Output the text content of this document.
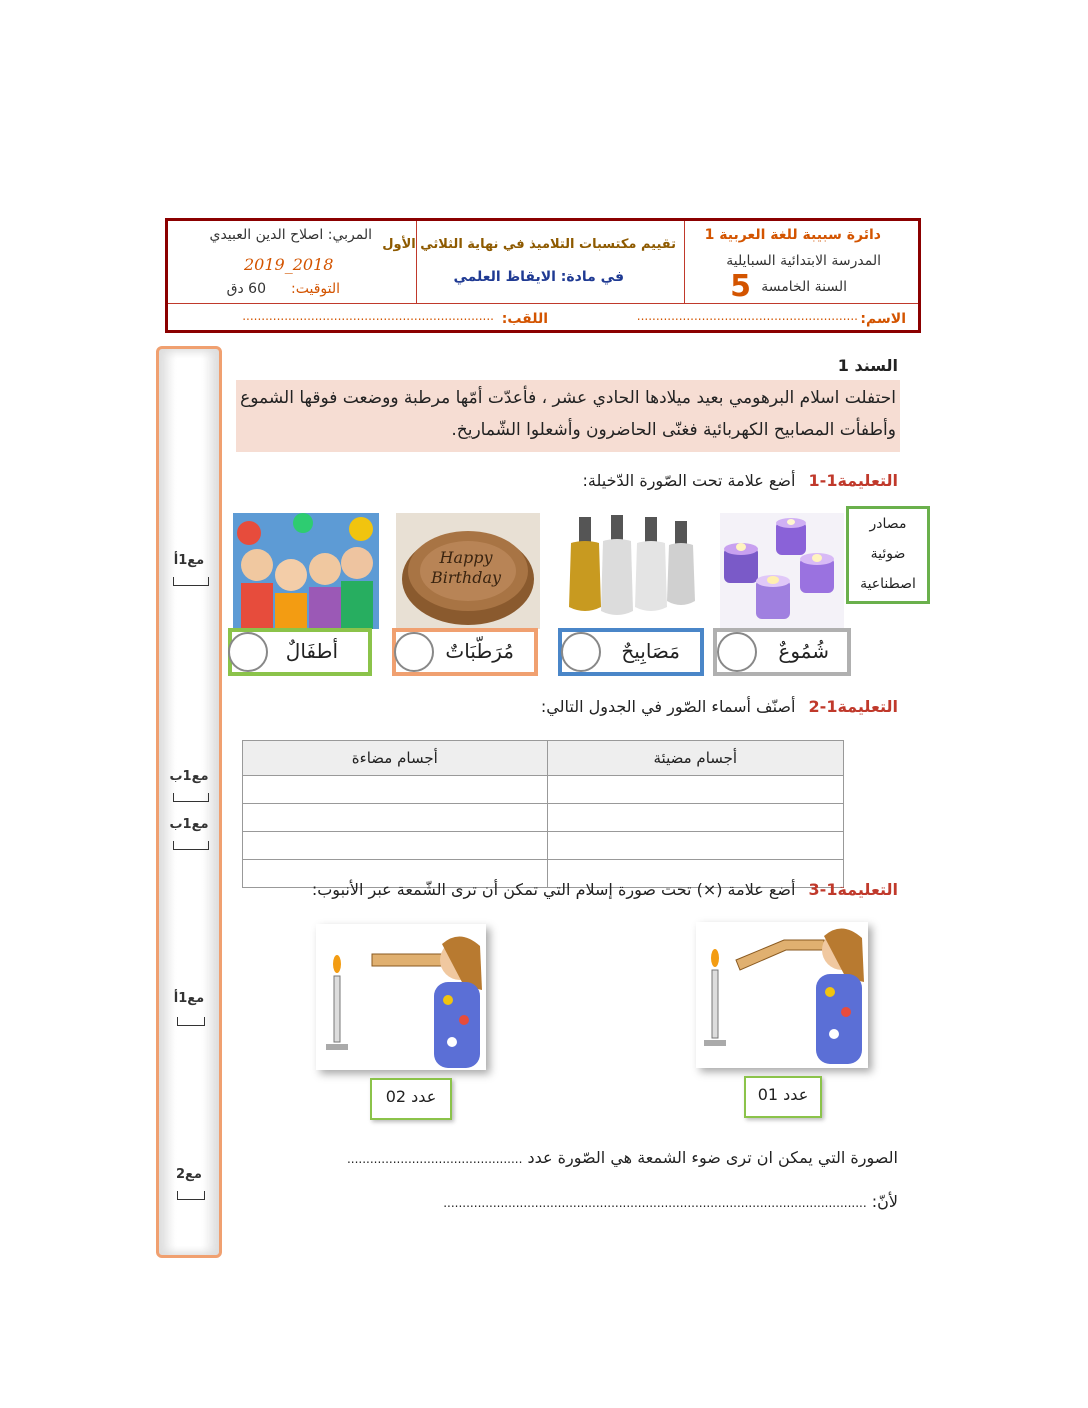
دائرة سبيبة للغة العربية 1
المدرسة الابتدائية السبايلية
السنة الخامسة
5
تقييم مكتسبات التلاميذ في نهاية الثلاثي الأول
في مادة: الايقاظ العلمي
المربي: اصلاح الدين العبيدي
2019_2018
التوقيت:
60 دق
الاسم:
..........................................................
اللقب:
..................................................................
مع1أ
مع1ب
مع1ب
مع1أ
مع2
السند 1
احتفلت اسلام البرهومي بعيد ميلادها الحادي عشر ، فأعدّت أمّها مرطبة ووضعت فوقها الشموع
وأطفأت المصابيح الكهربائية فغنّى الحاضرون وأشعلوا الشّماريخ.
التعليمة1-1 أضع علامة تحت الصّورة الدّخيلة:
مصادر
ضوئية
اصطناعية
Happy
Birthday
شُمُوعٌ
مَصَابِيحٌ
مُرَطّبَاتٌ
أطفَالٌ
التعليمة1-2 أصنّف أسماء الصّور في الجدول التالي:
أجسام مضيئة	أجسام مضاءة

التعليمة1-3 أضع علامة (×) تحت صورة إسلام التي تمكن أن ترى الشّمعة عبر الأنبوب:
عدد 01
عدد 02
الصورة التي يمكن ان ترى ضوء الشمعة هي الصّورة عدد ..............................................
لأنّ: ...............................................................................................................
